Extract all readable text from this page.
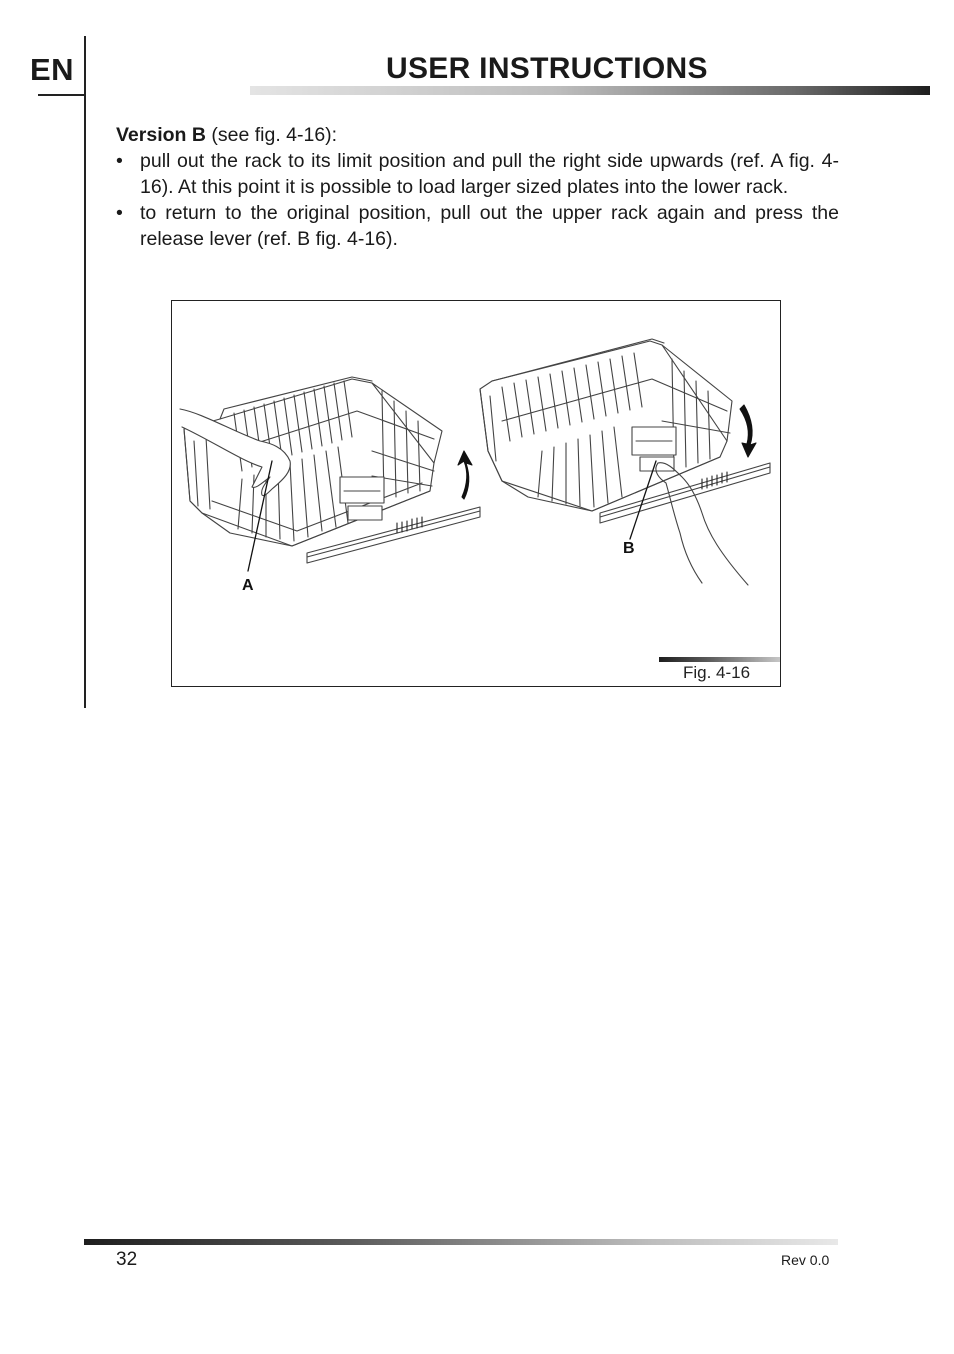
EN	USER INSTRUCTIONS

Version B (see fig. 4-16):

• pull out the rack to its limit position and pull the right side upwards (ref. A fig. 4-16). At this point it is possible to load larger sized plates into the lower rack.
• to return to the original position, pull out the upper rack again and press the release lever (ref. B fig. 4-16).
A
B
Fig. 4-16
32	Rev 0.0
